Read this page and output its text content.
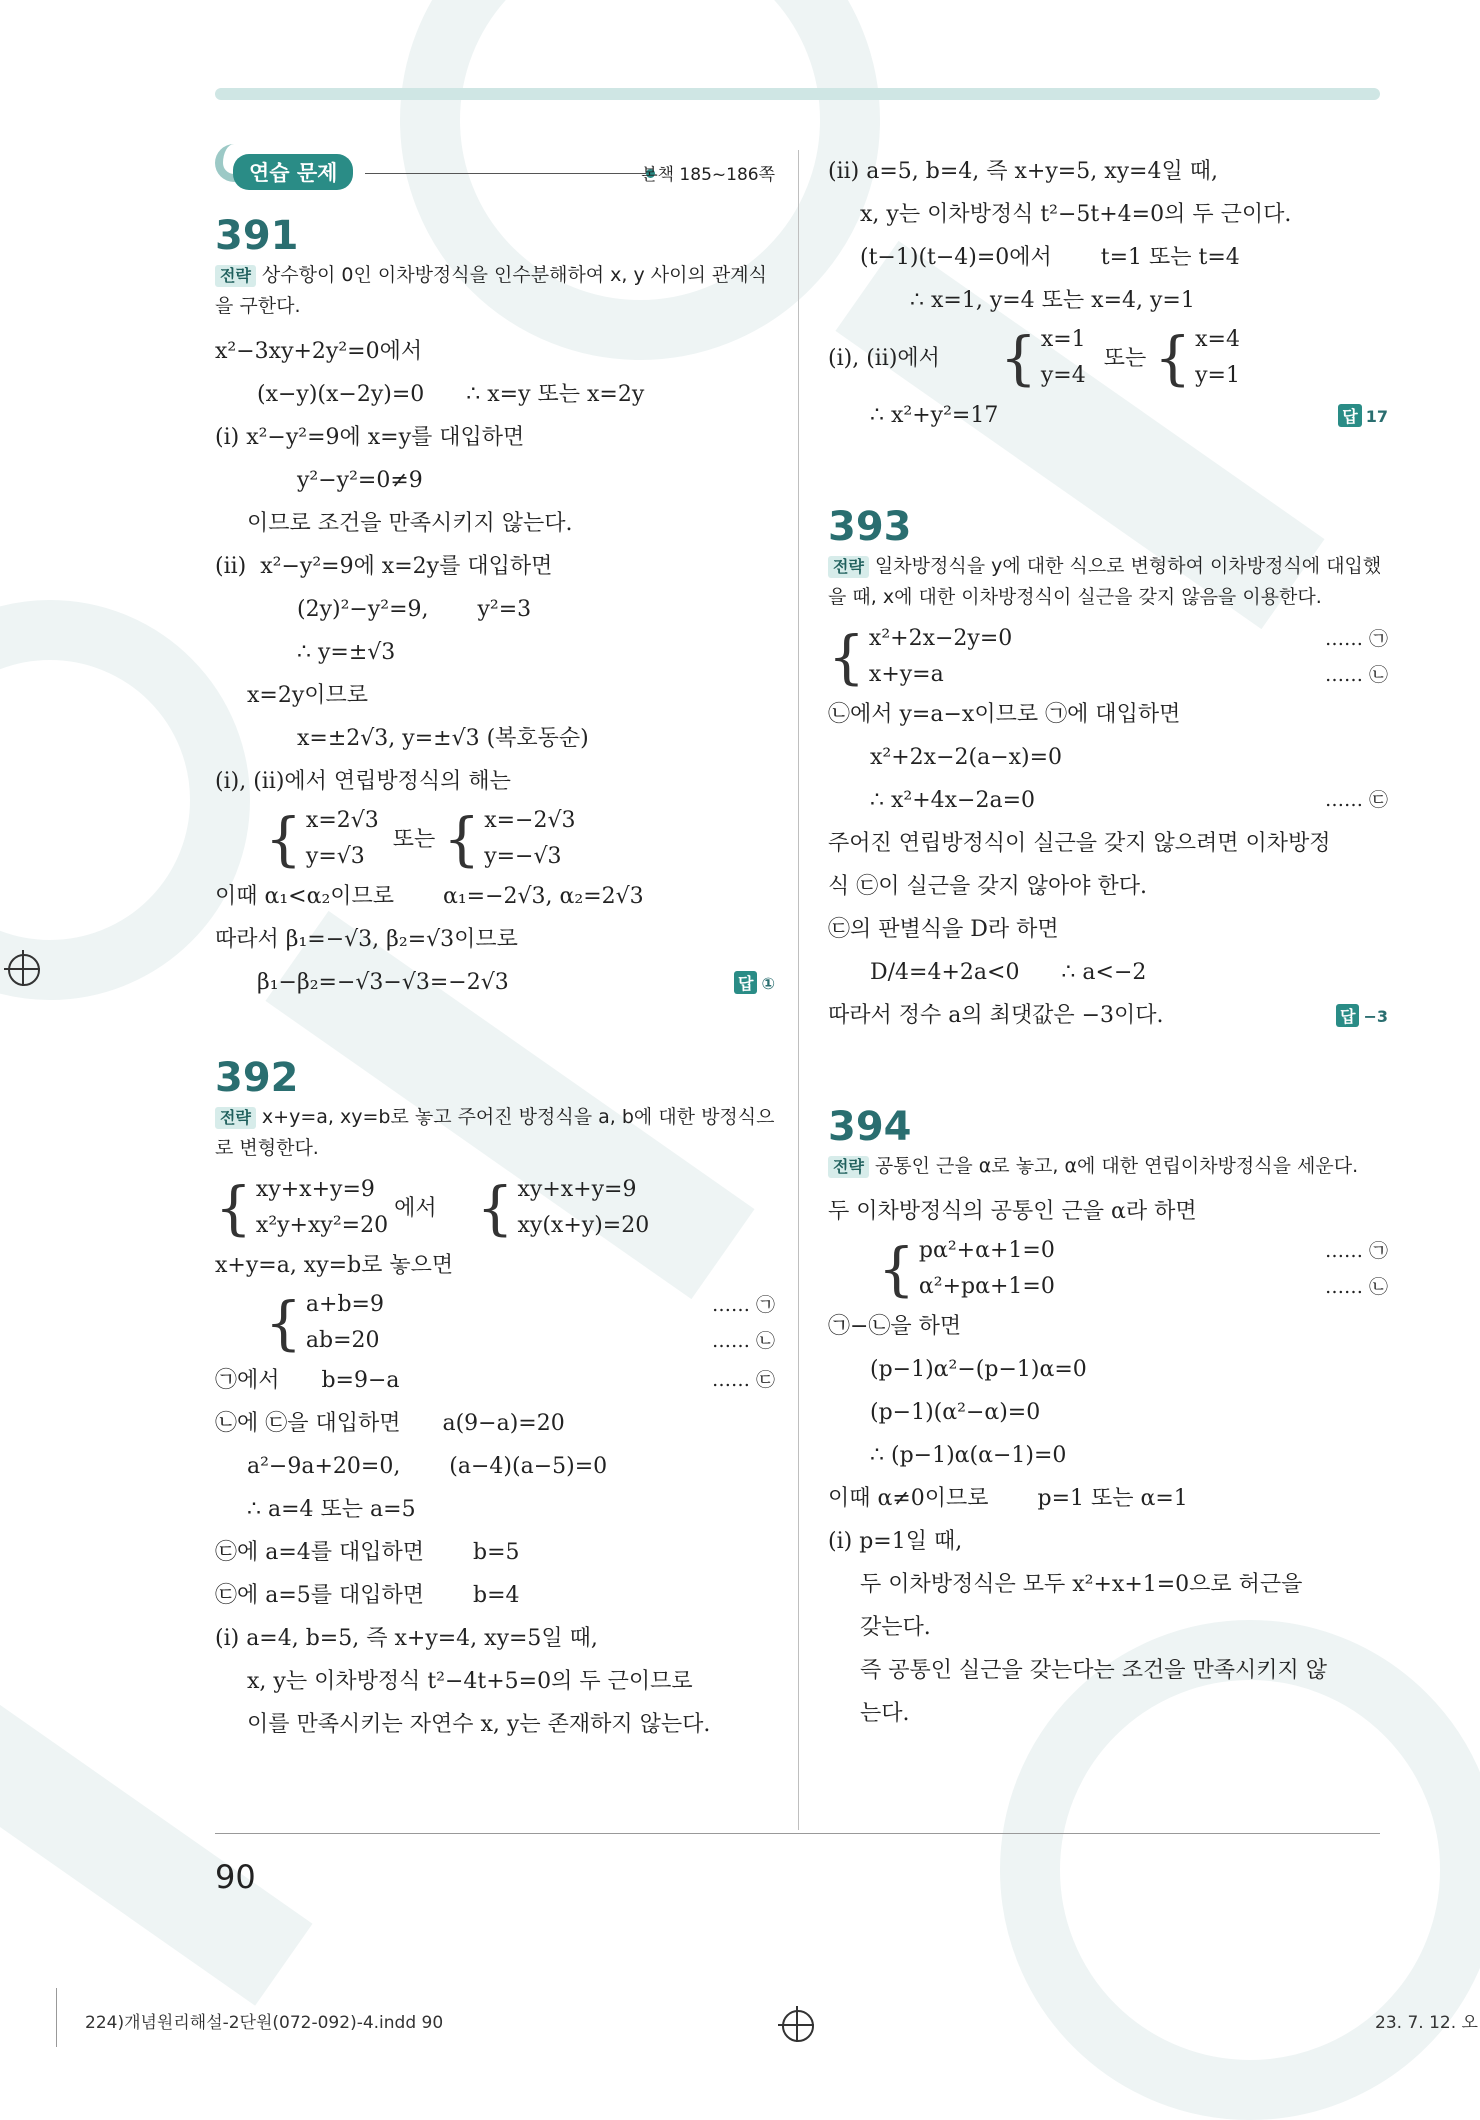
연습 문제	본책 185~186쪽
391
전략 상수항이 0인 이차방정식을 인수분해하여 x, y 사이의 관계식을 구한다.
x²−3xy+2y²=0에서
(x−y)(x−2y)=0      ∴ x=y 또는 x=2y
(i) x²−y²=9에 x=y를 대입하면
y²−y²=0≠9
이므로 조건을 만족시키지 않는다.
(ii)  x²−y²=9에 x=2y를 대입하면
(2y)²−y²=9,       y²=3
∴ y=±√3
x=2y이므로
x=±2√3, y=±√3 (복호동순)
(i), (ii)에서 연립방정식의 해는
{ x=2√3
y=√3
또는 { x=−2√3
y=−√3
이때 α₁<α₂이므로       α₁=−2√3, α₂=2√3
따라서 β₁=−√3, β₂=√3이므로
β₁−β₂=−√3−√3=−2√3	답 ①
392
전략 x+y=a, xy=b로 놓고 주어진 방정식을 a, b에 대한 방정식으로 변형한다.
{ xy+x+y=9
x²y+xy²=20
에서 { xy+x+y=9
xy(x+y)=20
x+y=a, xy=b로 놓으면
{ a+b=9	…… ㉠
ab=20	…… ㉡
㉠에서      b=9−a	…… ㉢
㉡에 ㉢을 대입하면      a(9−a)=20
a²−9a+20=0,       (a−4)(a−5)=0
∴ a=4 또는 a=5
㉢에 a=4를 대입하면       b=5
㉢에 a=5를 대입하면       b=4
(i) a=4, b=5, 즉 x+y=4, xy=5일 때,
x, y는 이차방정식 t²−4t+5=0의 두 근이므로
이를 만족시키는 자연수 x, y는 존재하지 않는다.
(ii) a=5, b=4, 즉 x+y=5, xy=4일 때,
x, y는 이차방정식 t²−5t+4=0의 두 근이다.
(t−1)(t−4)=0에서       t=1 또는 t=4
∴ x=1, y=4 또는 x=4, y=1
(i), (ii)에서 { x=1
y=4
또는 { x=4
y=1
∴ x²+y²=17	답 17
393
전략 일차방정식을 y에 대한 식으로 변형하여 이차방정식에 대입했을 때, x에 대한 이차방정식이 실근을 갖지 않음을 이용한다.
{ x²+2x−2y=0	…… ㉠
x+y=a	…… ㉡
㉡에서 y=a−x이므로 ㉠에 대입하면
x²+2x−2(a−x)=0
∴ x²+4x−2a=0	…… ㉢
주어진 연립방정식이 실근을 갖지 않으려면 이차방정
식 ㉢이 실근을 갖지 않아야 한다.
㉢의 판별식을 D라 하면
D/4=4+2a<0      ∴ a<−2
따라서 정수 a의 최댓값은 −3이다.	답 −3
394
전략 공통인 근을 α로 놓고, α에 대한 연립이차방정식을 세운다.
두 이차방정식의 공통인 근을 α라 하면
{ pα²+α+1=0	…… ㉠
α²+pα+1=0	…… ㉡
㉠−㉡을 하면
(p−1)α²−(p−1)α=0
(p−1)(α²−α)=0
∴ (p−1)α(α−1)=0
이때 α≠0이므로       p=1 또는 α=1
(i) p=1일 때,
두 이차방정식은 모두 x²+x+1=0으로 허근을
갖는다.
즉 공통인 실근을 갖는다는 조건을 만족시키지 않
는다.
90
224)개념원리해설-2단원(072-092)-4.indd 90	23. 7. 12. 오
